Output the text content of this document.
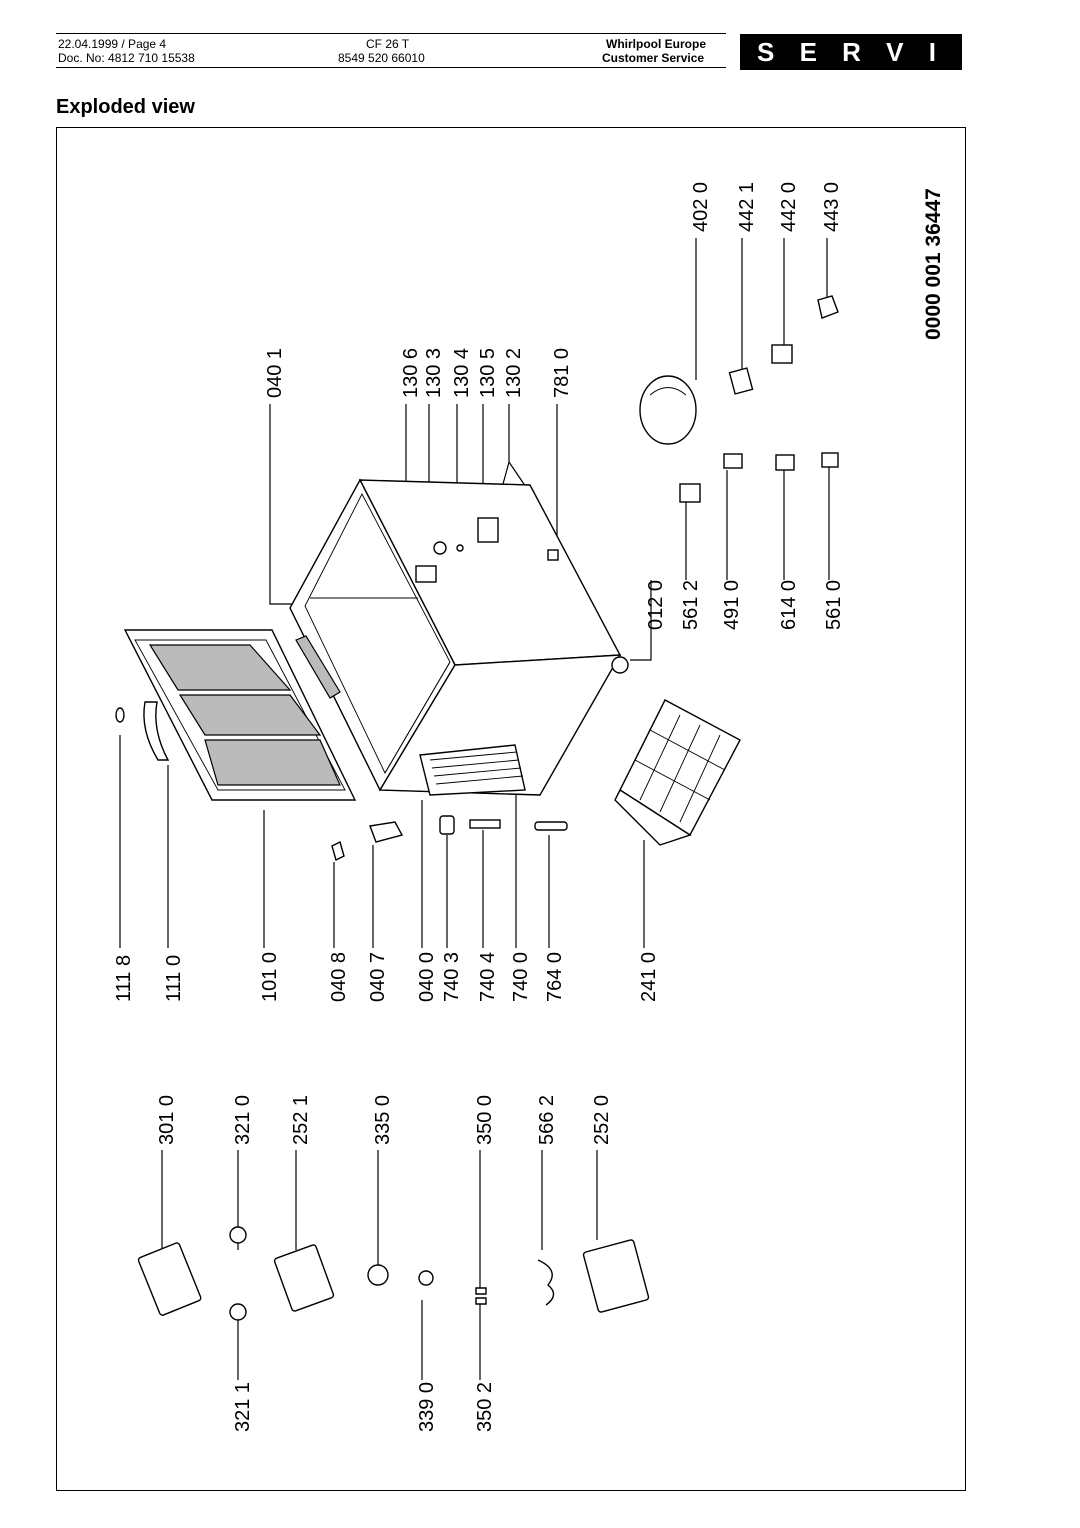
22.04.1999 / Page 4
Doc. No: 4812 710 15538
CF 26 T
8549 520 66010
Whirlpool Europe
Customer Service	S E R V I C E
Exploded view
111 8 111 0	101 0 040 8 040 7 040 0 740 3 740 4 740 0 764 0	241 0
321 1
301 0	321 0 252 1	335 0
339 0
350 0
350 2
566 2 252 0
040 1	130 6 130 3 130 4 130 5 130 2 781 0
012 0 561 2 491 0 614 0 561 0
402 0 442 1 442 0 443 0	0000 001 36447
